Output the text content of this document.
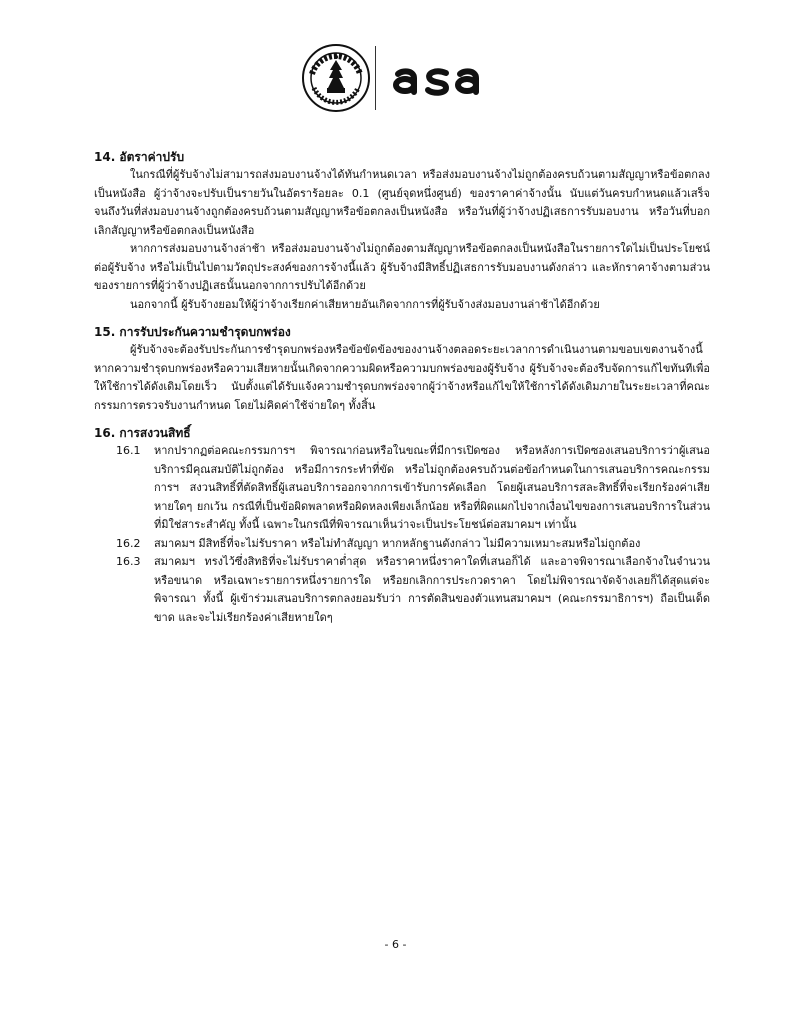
14. อัตราค่าปรับ

ในกรณีที่ผู้รับจ้างไม่สามารถส่งมอบงานจ้างได้ทันกำหนดเวลา หรือส่งมอบงานจ้างไม่ถูกต้องครบถ้วนตามสัญญาหรือข้อตกลงเป็นหนังสือ ผู้ว่าจ้างจะปรับเป็นรายวันในอัตราร้อยละ 0.1 (ศูนย์จุดหนึ่งศูนย์) ของราคาค่าจ้างนั้น นับแต่วันครบกำหนดแล้วเสร็จ จนถึงวันที่ส่งมอบงานจ้างถูกต้องครบถ้วนตามสัญญาหรือข้อตกลงเป็นหนังสือ หรือวันที่ผู้ว่าจ้างปฏิเสธการรับมอบงาน หรือวันที่บอกเลิกสัญญาหรือข้อตกลงเป็นหนังสือ

หากการส่งมอบงานจ้างล่าช้า หรือส่งมอบงานจ้างไม่ถูกต้องตามสัญญาหรือข้อตกลงเป็นหนังสือในรายการใดไม่เป็นประโยชน์ต่อผู้รับจ้าง หรือไม่เป็นไปตามวัตถุประสงค์ของการจ้างนี้แล้ว ผู้รับจ้างมีสิทธิ์ปฏิเสธการรับมอบงานดังกล่าว และหักราคาจ้างตามส่วนของรายการที่ผู้ว่าจ้างปฏิเสธนั้นนอกจากการปรับได้อีกด้วย

นอกจากนี้ ผู้รับจ้างยอมให้ผู้ว่าจ้างเรียกค่าเสียหายอันเกิดจากการที่ผู้รับจ้างส่งมอบงานล่าช้าได้อีกด้วย

15. การรับประกันความชำรุดบกพร่อง

ผู้รับจ้างจะต้องรับประกันการชำรุดบกพร่องหรือข้อขัดข้องของงานจ้างตลอดระยะเวลาการดำเนินงานตามขอบเขตงานจ้างนี้ หากความชำรุดบกพร่องหรือความเสียหายนั้นเกิดจากความผิดหรือความบกพร่องของผู้รับจ้าง ผู้รับจ้างจะต้องรีบจัดการแก้ไขทันทีเพื่อให้ใช้การได้ดังเดิมโดยเร็ว นับตั้งแต่ได้รับแจ้งความชำรุดบกพร่องจากผู้ว่าจ้างหรือแก้ไขให้ใช้การได้ดังเดิมภายในระยะเวลาที่คณะกรรมการตรวจรับงานกำหนด โดยไม่คิดค่าใช้จ่ายใดๆ ทั้งสิ้น

16. การสงวนสิทธิ์

16.1	หากปรากฏต่อคณะกรรมการฯ พิจารณาก่อนหรือในขณะที่มีการเปิดซอง หรือหลังการเปิดซองเสนอบริการว่าผู้เสนอบริการมีคุณสมบัติไม่ถูกต้อง หรือมีการกระทำที่ขัด หรือไม่ถูกต้องครบถ้วนต่อข้อกำหนดในการเสนอบริการคณะกรรมการฯ สงวนสิทธิ์ที่ตัดสิทธิ์ผู้เสนอบริการออกจากการเข้ารับการคัดเลือก โดยผู้เสนอบริการสละสิทธิ์ที่จะเรียกร้องค่าเสียหายใดๆ ยกเว้น กรณีที่เป็นข้อผิดพลาดหรือผิดหลงเพียงเล็กน้อย หรือที่ผิดแผกไปจากเงื่อนไขของการเสนอบริการในส่วนที่มิใช่สาระสำคัญ ทั้งนี้ เฉพาะในกรณีที่พิจารณาเห็นว่าจะเป็นประโยชน์ต่อสมาคมฯ เท่านั้น
16.2	สมาคมฯ มีสิทธิ์ที่จะไม่รับราคา หรือไม่ทำสัญญา หากหลักฐานดังกล่าว ไม่มีความเหมาะสมหรือไม่ถูกต้อง
16.3	สมาคมฯ ทรงไว้ซึ่งสิทธิที่จะไม่รับราคาต่ำสุด หรือราคาหนึ่งราคาใดที่เสนอก็ได้ และอาจพิจารณาเลือกจ้างในจำนวน หรือขนาด หรือเฉพาะรายการหนึ่งรายการใด หรือยกเลิกการประกวดราคา โดยไม่พิจารณาจัดจ้างเลยก็ได้สุดแต่จะพิจารณา ทั้งนี้ ผู้เข้าร่วมเสนอบริการตกลงยอมรับว่า การตัดสินของตัวแทนสมาคมฯ (คณะกรรมาธิการฯ) ถือเป็นเด็ดขาด และจะไม่เรียกร้องค่าเสียหายใดๆ
- 6 -
